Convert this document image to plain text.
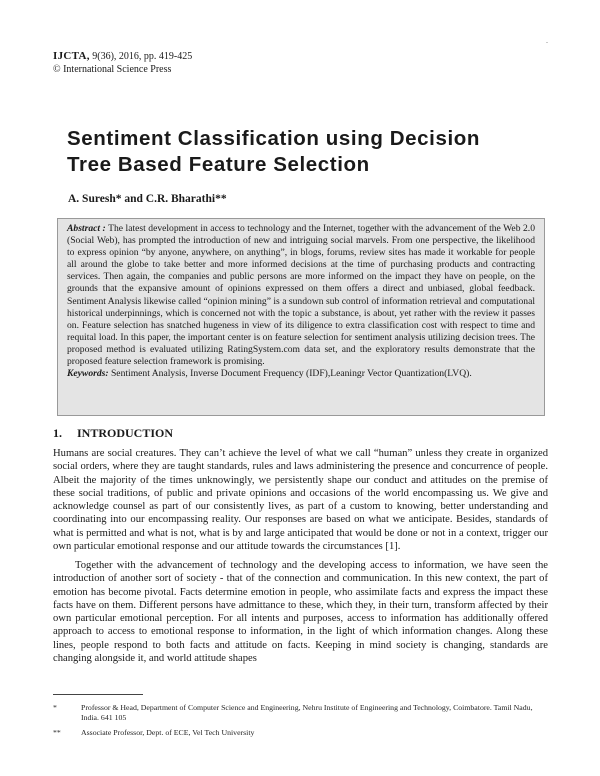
.
IJCTA, 9(36), 2016, pp. 419-425
© International Science Press
Sentiment Classification using Decision
Tree Based Feature Selection
A. Suresh* and C.R. Bharathi**
Abstract : The latest development in access to technology and the Internet, together with the advancement of the Web 2.0 (Social Web), has prompted the introduction of new and intriguing social marvels. From one perspective, the likelihood to express opinion “by anyone, anywhere, on anything”, in blogs, forums, review sites has made it workable for people all around the globe to take better and more informed decisions at the time of purchasing products and contracting services. Then again, the companies and public persons are more informed on the impact they have on people, on the grounds that the expansive amount of opinions expressed on them offers a direct and unbiased, global feedback. Sentiment Analysis likewise called “opinion mining” is a sundown sub control of information retrieval and computational historical underpinnings, which is concerned not with the topic a substance, is about, yet rather with the review it passes on. Feature selection has snatched hugeness in view of its diligence to extra classification cost with respect to time and requital load. In this paper, the important center is on feature selection for sentiment analysis utilizing decision trees. The proposed method is evaluated utilizing RatingSystem.com data set, and the exploratory results demonstrate that the proposed feature selection framework is promising.
Keywords: Sentiment Analysis, Inverse Document Frequency (IDF),Leaningr Vector Quantization(LVQ).
1. INTRODUCTION

Humans are social creatures. They can’t achieve the level of what we call “human” unless they create in organized social orders, where they are taught standards, rules and laws administering the presence and concurrence of people. Albeit the majority of the times unknowingly, we persistently shape our conduct and attitudes on the premise of these social traditions, of public and private opinions and occasions of the world encompassing us. We give and acknowledge counsel as part of our consistently lives, as part of a custom to knowing, better understanding and coordinating into our encompassing reality. Our responses are based on what we anticipate. Besides, standards of what is permitted and what is not, what is by and large anticipated that would be done or not in a context, trigger our own particular emotional response and our attitude towards the circumstances [1].

Together with the advancement of technology and the developing access to information, we have seen the introduction of another sort of society - that of the connection and communication. In this new context, the part of emotion has become pivotal. Facts determine emotion in people, who assimilate facts and express the impact these facts have on them. Different persons have admittance to these, which they, in their turn, transform affected by their own particular emotional perception. For all intents and purposes, access to information has additionally offered approach to access to emotional response to information, in the light of which information changes. Along these lines, people respond to both facts and attitude on facts. Keeping in mind society is changing, standards are changing alongside it, and world attitude shapes

*	Professor & Head, Department of Computer Science and Engineering, Nehru Institute of Engineering and Technology, Coimbatore. Tamil Nadu, India. 641 105
**	Associate Professor, Dept. of ECE, Vel Tech University
